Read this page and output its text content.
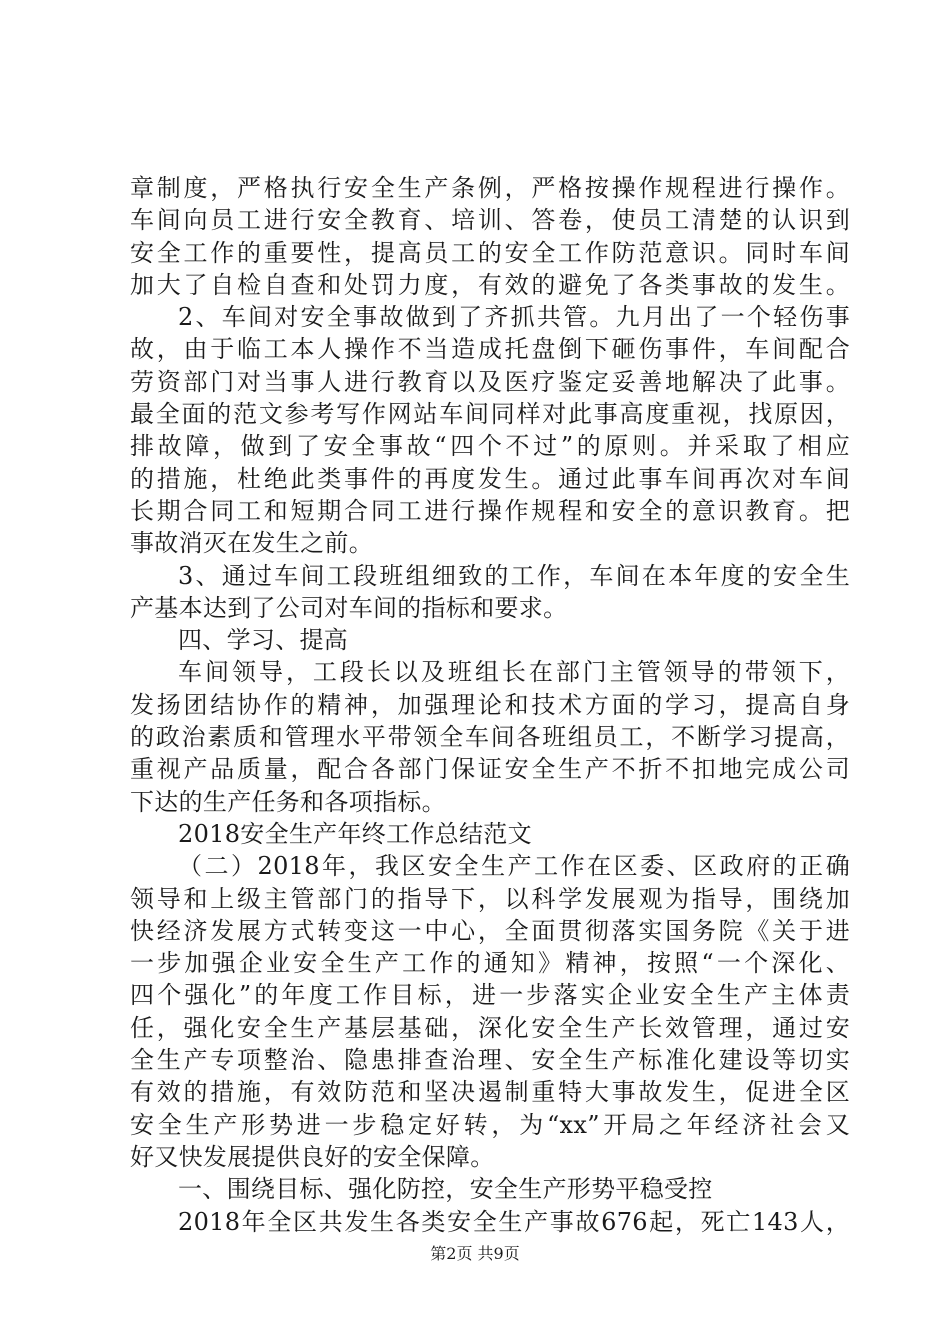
章制度，严格执行安全生产条例，严格按操作规程进行操作。
车间向员工进行安全教育、培训、答卷，使员工清楚的认识到
安全工作的重要性，提高员工的安全工作防范意识。同时车间
加大了自检自查和处罚力度，有效的避免了各类事故的发生。
2、车间对安全事故做到了齐抓共管。九月出了一个轻伤事
故，由于临工本人操作不当造成托盘倒下砸伤事件，车间配合
劳资部门对当事人进行教育以及医疗鉴定妥善地解决了此事。
最全面的范文参考写作网站车间同样对此事高度重视，找原因，
排故障，做到了安全事故“四个不过”的原则。并采取了相应
的措施，杜绝此类事件的再度发生。通过此事车间再次对车间
长期合同工和短期合同工进行操作规程和安全的意识教育。把
事故消灭在发生之前。
3、通过车间工段班组细致的工作，车间在本年度的安全生
产基本达到了公司对车间的指标和要求。
四、学习、提高
车间领导，工段长以及班组长在部门主管领导的带领下，
发扬团结协作的精神，加强理论和技术方面的学习，提高自身
的政治素质和管理水平带领全车间各班组员工，不断学习提高，
重视产品质量，配合各部门保证安全生产不折不扣地完成公司
下达的生产任务和各项指标。
2018安全生产年终工作总结范文
（二）2018年，我区安全生产工作在区委、区政府的正确
领导和上级主管部门的指导下，以科学发展观为指导，围绕加
快经济发展方式转变这一中心，全面贯彻落实国务院《关于进
一步加强企业安全生产工作的通知》精神，按照“一个深化、
四个强化”的年度工作目标，进一步落实企业安全生产主体责
任，强化安全生产基层基础，深化安全生产长效管理，通过安
全生产专项整治、隐患排查治理、安全生产标准化建设等切实
有效的措施，有效防范和坚决遏制重特大事故发生，促进全区
安全生产形势进一步稳定好转，为“xx”开局之年经济社会又
好又快发展提供良好的安全保障。
一、围绕目标、强化防控，安全生产形势平稳受控
2018年全区共发生各类安全生产事故676起，死亡143人，
第2页 共9页
